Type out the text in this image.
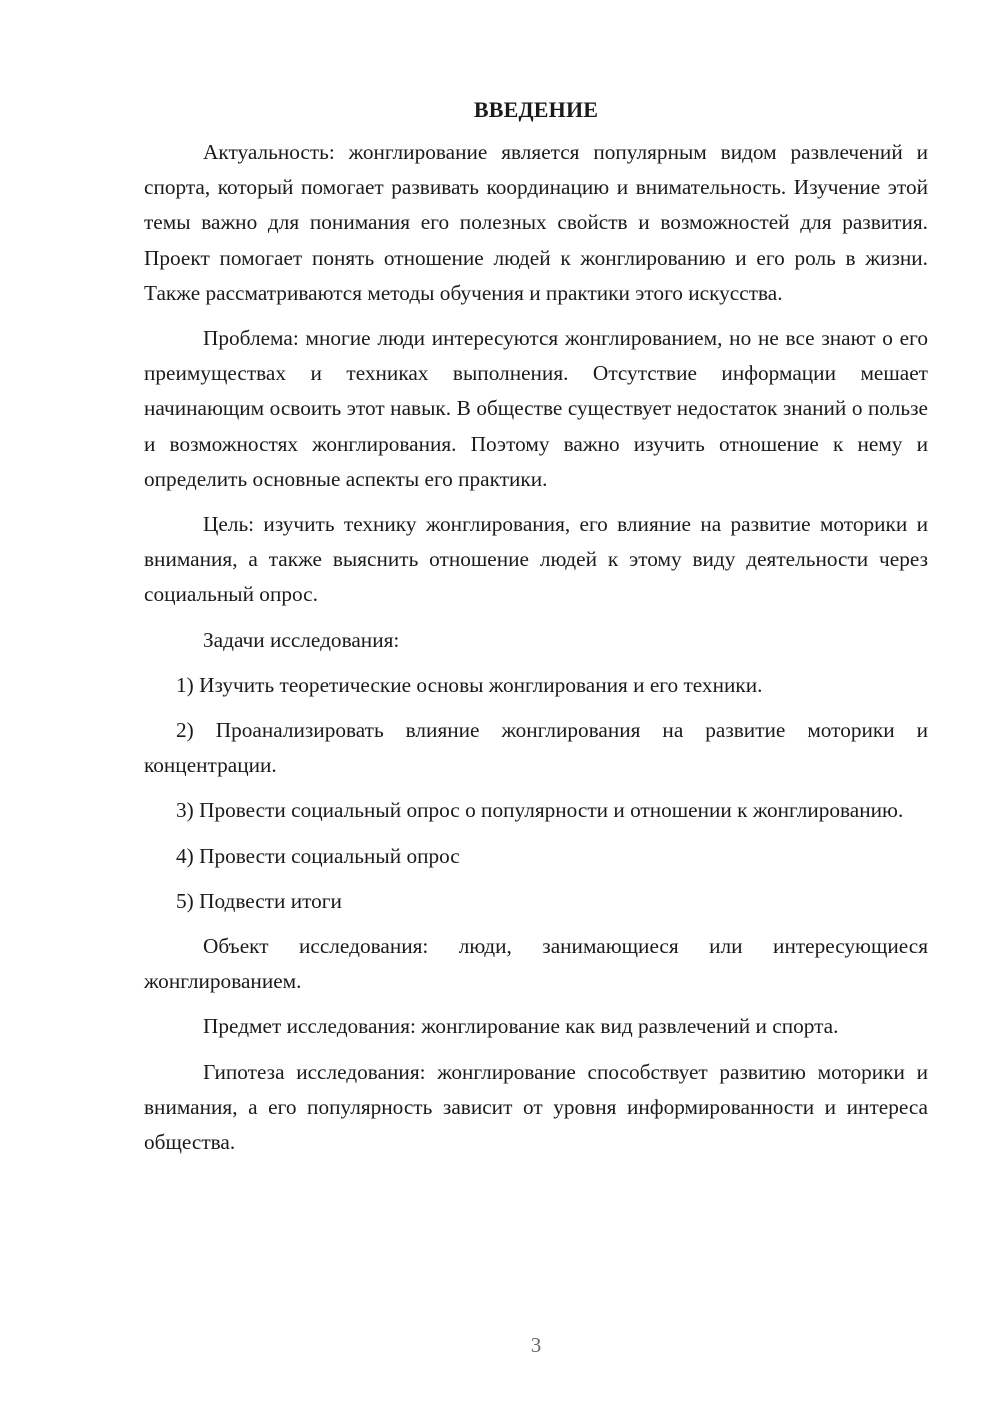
ВВЕДЕНИЕ

Актуальность: жонглирование является популярным видом развлечений и спорта, который помогает развивать координацию и внимательность. Изучение этой темы важно для понимания его полезных свойств и возможностей для развития. Проект помогает понять отношение людей к жонглированию и его роль в жизни. Также рассматриваются методы обучения и практики этого искусства.

Проблема: многие люди интересуются жонглированием, но не все знают о его преимуществах и техниках выполнения. Отсутствие информации мешает начинающим освоить этот навык. В обществе существует недостаток знаний о пользе и возможностях жонглирования. Поэтому важно изучить отношение к нему и определить основные аспекты его практики.

Цель: изучить технику жонглирования, его влияние на развитие моторики и внимания, а также выяснить отношение людей к этому виду деятельности через социальный опрос.

Задачи исследования:

1) Изучить теоретические основы жонглирования и его техники.

2) Проанализировать влияние жонглирования на развитие моторики и концентрации.

3) Провести социальный опрос о популярности и отношении к жонглированию.

4) Провести социальный опрос

5) Подвести итоги

Объект исследования: люди, занимающиеся или интересующиеся жонглированием.

Предмет исследования: жонглирование как вид развлечений и спорта.

Гипотеза исследования: жонглирование способствует развитию моторики и внимания, а его популярность зависит от уровня информированности и интереса общества.

3
